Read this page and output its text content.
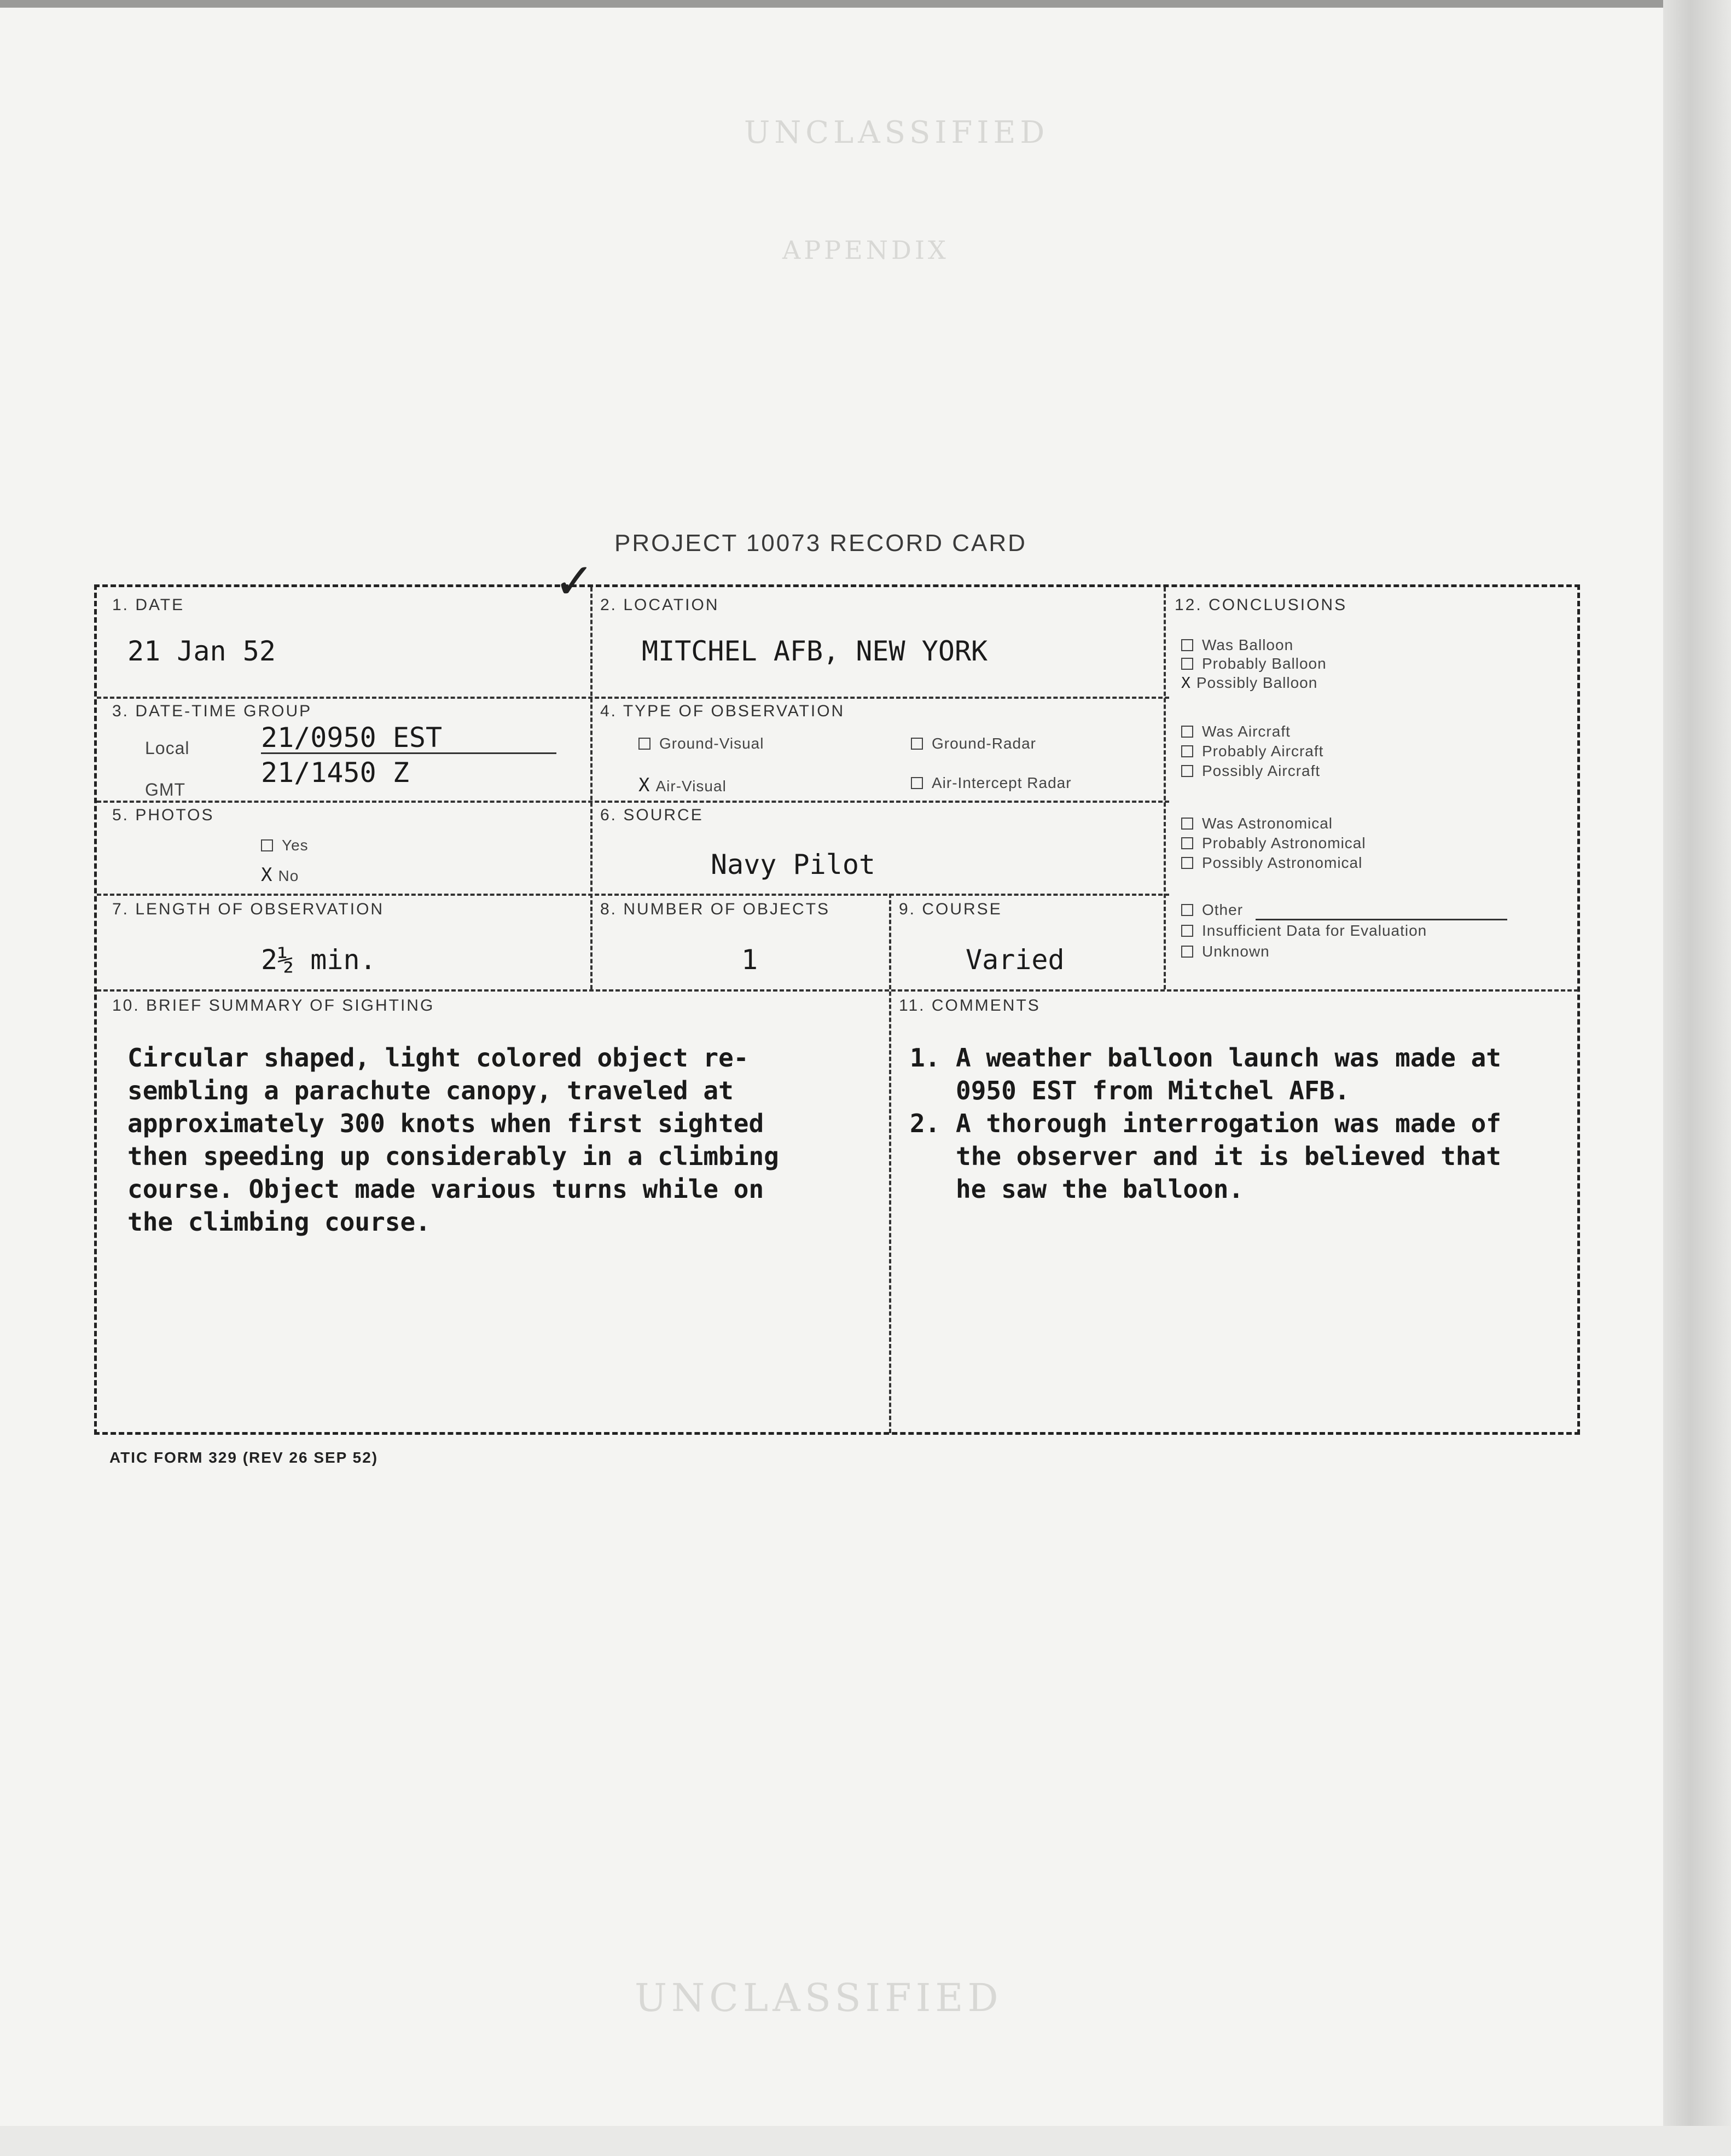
UNCLASSIFIED
APPENDIX
UNCLASSIFIED
PROJECT 10073 RECORD CARD
1. DATE
21 Jan 52
2. LOCATION
MITCHEL AFB, NEW YORK
3. DATE-TIME GROUP
Local	21/0950 EST
GMT
21/1450 Z
4. TYPE OF OBSERVATION
Ground-Visual	Ground-Radar
X Air-Visual	Air-Intercept Radar
5. PHOTOS
Yes
X No
6. SOURCE
Navy Pilot
7. LENGTH OF OBSERVATION
2½ min.
8. NUMBER OF OBJECTS
1
9. COURSE
Varied
12. CONCLUSIONS
Was Balloon
Probably Balloon
X Possibly Balloon
Was Aircraft
Probably Aircraft
Possibly Aircraft
Was Astronomical
Probably Astronomical
Possibly Astronomical
Other
Insufficient Data for Evaluation
Unknown
10. BRIEF SUMMARY OF SIGHTING

Circular shaped, light colored object re-

sembling a parachute canopy, traveled at

approximately 300 knots when first sighted

then speeding up considerably in a climbing

course. Object made various turns while on

the climbing course.

11. COMMENTS
1. A weather balloon launch was made at
0950 EST from Mitchel AFB.
2. A thorough interrogation was made of
the observer and it is believed that
he saw the balloon.
✓
ATIC FORM 329 (REV 26 SEP 52)
